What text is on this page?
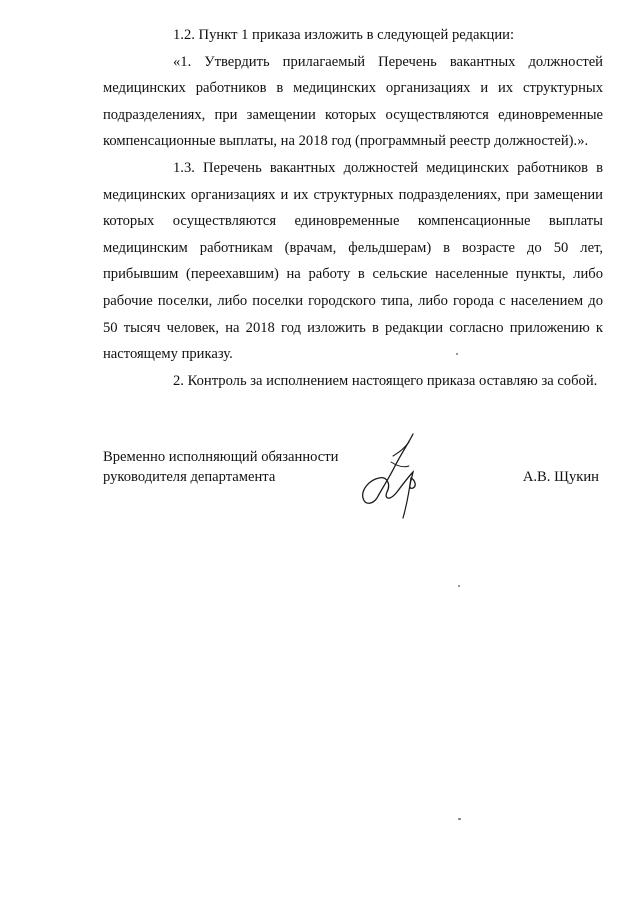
1.2. Пункт 1 приказа изложить в следующей редакции:

«1. Утвердить прилагаемый Перечень вакантных должностей медицинских работников в медицинских организациях и их структурных подразделениях, при замещении которых осуществляются единовременные компенсационные выплаты, на 2018 год (программный реестр должностей).».

1.3. Перечень вакантных должностей медицинских работников в медицинских организациях и их структурных подразделениях, при замещении которых осуществляются единовременные компенсационные выплаты медицинским работникам (врачам, фельдшерам) в возрасте до 50 лет, прибывшим (переехавшим) на работу в сельские населенные пункты, либо рабочие поселки, либо поселки городского типа, либо города с населением до 50 тысяч человек, на 2018 год изложить в редакции согласно приложению к настоящему приказу.

2. Контроль за исполнением настоящего приказа оставляю за собой.

Временно исполняющий обязанности
руководителя департамента	А.В. Щукин
